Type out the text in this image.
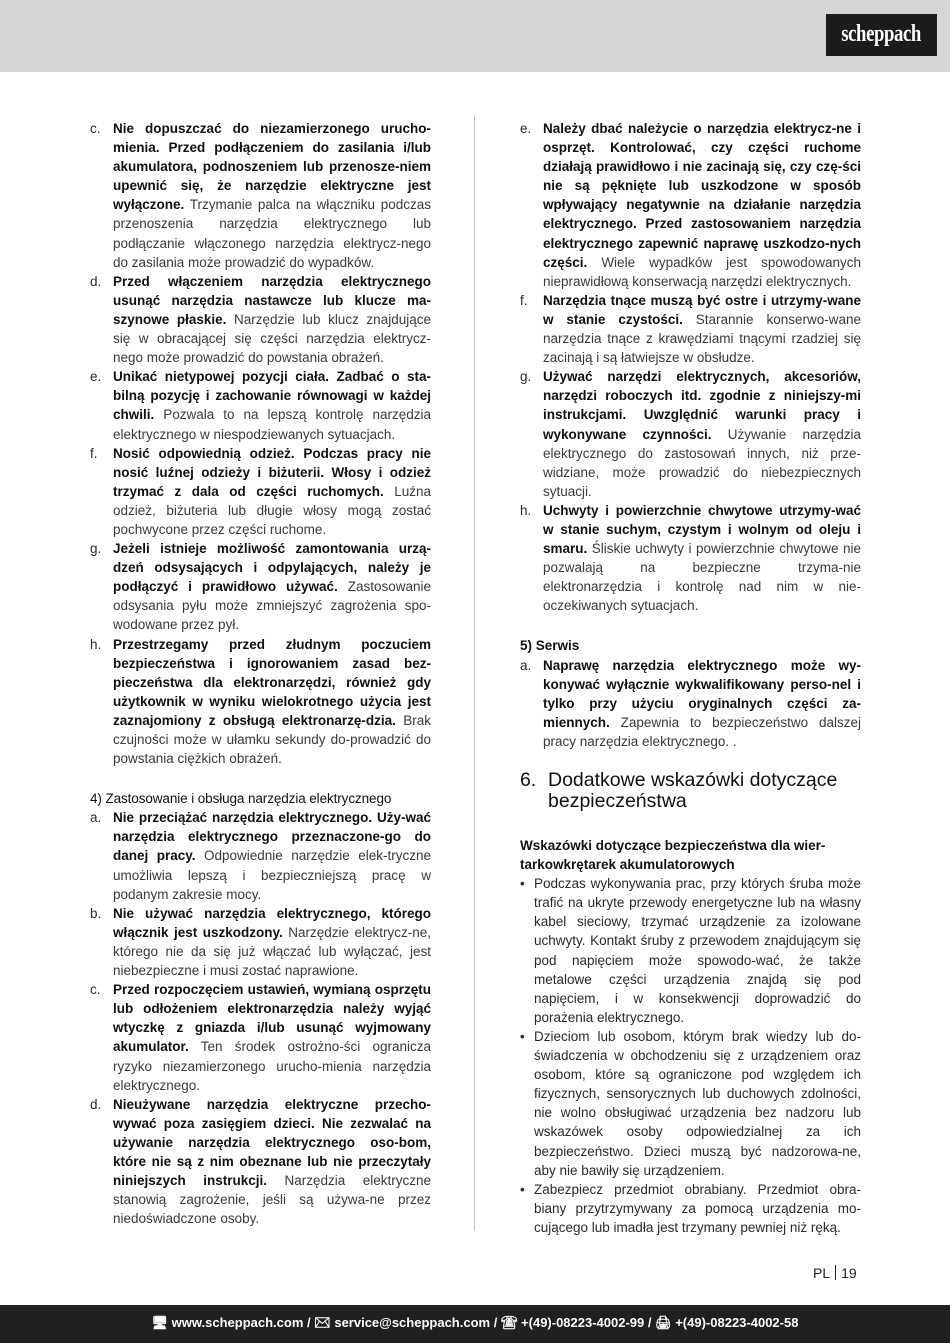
scheppach
c. Nie dopuszczać do niezamierzonego urucho-mienia. Przed podłączeniem do zasilania i/lub akumulatora, podnoszeniem lub przenosze-niem upewnić się, że narzędzie elektryczne jest wyłączone. Trzymanie palca na włączniku podczas przenoszenia narzędzia elektrycznego lub podłączanie włączonego narzędzia elektrycz-nego do zasilania może prowadzić do wypadków.
d. Przed włączeniem narzędzia elektrycznego usunąć narzędzia nastawcze lub klucze ma-szynowe płaskie. Narzędzie lub klucz znajdujące się w obracającej się części narzędzia elektrycz-nego może prowadzić do powstania obrażeń.
e. Unikać nietypowej pozycji ciała. Zadbać o sta-bilną pozycję i zachowanie równowagi w każdej chwili. Pozwala to na lepszą kontrolę narzędzia elektrycznego w niespodziewanych sytuacjach.
f. Nosić odpowiednią odzież. Podczas pracy nie nosić luźnej odzieży i biżuterii. Włosy i odzież trzymać z dala od części ruchomych. Luźna odzież, biżuteria lub długie włosy mogą zostać pochwycone przez części ruchome.
g. Jeżeli istnieje możliwość zamontowania urzą-dzeń odsysających i odpylających, należy je podłączyć i prawidłowo używać. Zastosowanie odsysania pyłu może zmniejszyć zagrożenia spo-wodowane przez pył.
h. Przestrzegamy przed złudnym poczuciem bezpieczeństwa i ignorowaniem zasad bez-pieczeństwa dla elektronarzędzi, również gdy użytkownik w wyniku wielokrotnego użycia jest zaznajomiony z obsługą elektronarzę-dzia. Brak czujności może w ułamku sekundy do-prowadzić do powstania ciężkich obrażeń.
4) Zastosowanie i obsługa narzędzia elektrycznego
a. Nie przeciążać narzędzia elektrycznego. Uży-wać narzędzia elektrycznego przeznaczone-go do danej pracy. Odpowiednie narzędzie elek-tryczne umożliwia lepszą i bezpieczniejszą pracę w podanym zakresie mocy.
b. Nie używać narzędzia elektrycznego, którego włącznik jest uszkodzony. Narzędzie elektrycz-ne, którego nie da się już włączać lub wyłączać, jest niebezpieczne i musi zostać naprawione.
c. Przed rozpoczęciem ustawień, wymianą osprzętu lub odłożeniem elektronarzędzia należy wyjąć wtyczkę z gniazda i/lub usunąć wyjmowany akumulator. Ten środek ostrożno-ści ogranicza ryzyko niezamierzonego urucho-mienia narzędzia elektrycznego.
d. Nieużywane narzędzia elektryczne przecho-wywać poza zasięgiem dzieci. Nie zezwalać na używanie narzędzia elektrycznego oso-bom, które nie są z nim obeznane lub nie przeczytały niniejszych instrukcji. Narzędzia elektryczne stanowią zagrożenie, jeśli są używa-ne przez niedoświadczone osoby.
e. Należy dbać należycie o narzędzia elektrycz-ne i osprzęt. Kontrolować, czy części ruchome działają prawidłowo i nie zacinają się, czy czę-ści nie są pęknięte lub uszkodzone w sposób wpływający negatywnie na działanie narzędzia elektrycznego. Przed zastosowaniem narzędzia elektrycznego zapewnić naprawę uszkodzo-nych części. Wiele wypadków jest spowodowanych nieprawidłową konserwacją narzędzi elektrycznych.
f. Narzędzia tnące muszą być ostre i utrzymy-wane w stanie czystości. Starannie konserwo-wane narzędzia tnące z krawędziami tnącymi rzadziej się zacinają i są łatwiejsze w obsłudze.
g. Używać narzędzi elektrycznych, akcesoriów, narzędzi roboczych itd. zgodnie z niniejszy-mi instrukcjami. Uwzględnić warunki pracy i wykonywane czynności. Używanie narzędzia elektrycznego do zastosowań innych, niż prze-widziane, może prowadzić do niebezpiecznych sytuacji.
h. Uchwyty i powierzchnie chwytowe utrzymy-wać w stanie suchym, czystym i wolnym od oleju i smaru. Śliskie uchwyty i powierzchnie chwytowe nie pozwalają na bezpieczne trzyma-nie elektronarzędzia i kontrolę nad nim w nie-oczekiwanych sytuacjach.
5) Serwis
a. Naprawę narzędzia elektrycznego może wy-konywać wyłącznie wykwalifikowany perso-nel i tylko przy użyciu oryginalnych części za-miennych. Zapewnia to bezpieczeństwo dalszej pracy narzędzia elektrycznego. .
6. Dodatkowe wskazówki dotyczące bezpieczeństwa
Wskazówki dotyczące bezpieczeństwa dla wier-tarkowkrętarek akumulatorowych
• Podczas wykonywania prac, przy których śruba może trafić na ukryte przewody energetyczne lub na własny kabel sieciowy, trzymać urządzenie za izolowane uchwyty. Kontakt śruby z przewodem znajdującym się pod napięciem może spowodo-wać, że także metalowe części urządzenia znajdą się pod napięciem, i w konsekwencji doprowadzić do porażenia elektrycznego.
• Dzieciom lub osobom, którym brak wiedzy lub do-świadczenia w obchodzeniu się z urządzeniem oraz osobom, które są ograniczone pod względem ich fizycznych, sensorycznych lub duchowych zdolności, nie wolno obsługiwać urządzenia bez nadzoru lub wskazówek osoby odpowiedzialnej za ich bezpieczeństwo. Dzieci muszą być nadzorowa-ne, aby nie bawiły się urządzeniem.
• Zabezpiecz przedmiot obrabiany. Przedmiot obra-biany przytrzymywany za pomocą urządzenia mo-cującego lub imadła jest trzymany pewniej niż ręką.
PL 19
🖥 www.scheppach.com / ✉ service@scheppach.com / ☎ +(49)-08223-4002-99 / 🖨 +(49)-08223-4002-58
